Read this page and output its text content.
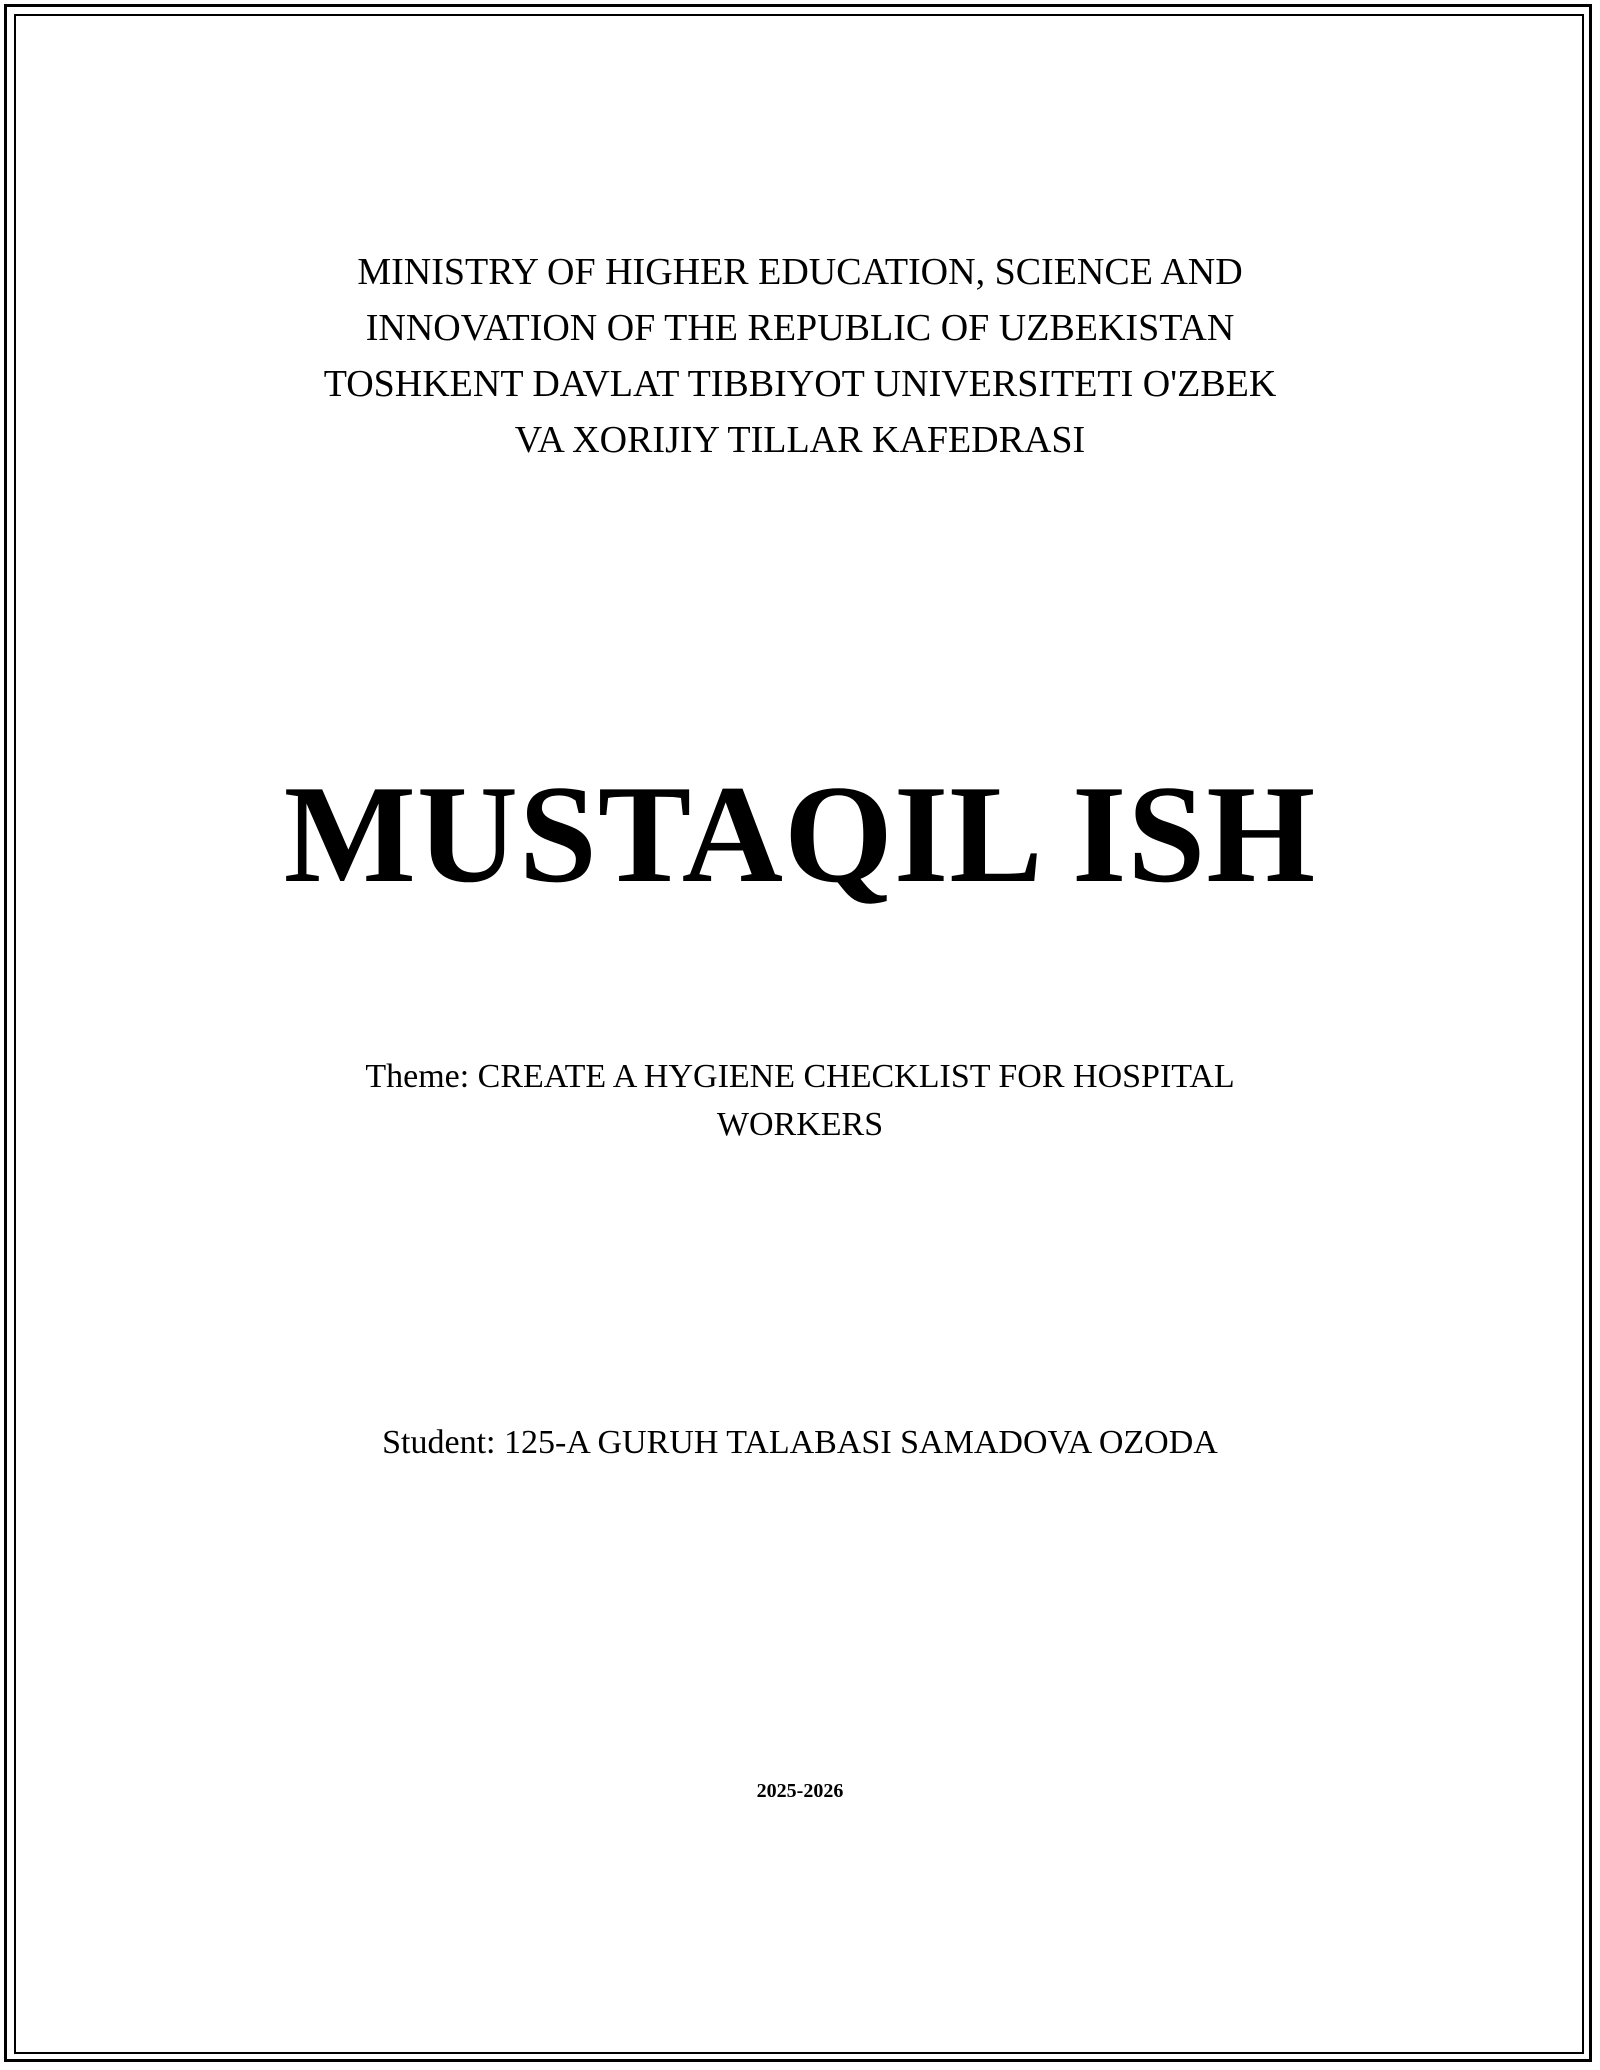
MINISTRY OF HIGHER EDUCATION, SCIENCE AND
INNOVATION OF THE REPUBLIC OF UZBEKISTAN
TOSHKENT DAVLAT TIBBIYOT UNIVERSITETI O'ZBEK
VA XORIJIY TILLAR KAFEDRASI
MUSTAQIL ISH
Theme: CREATE A HYGIENE CHECKLIST FOR HOSPITAL
WORKERS
Student: 125-A GURUH TALABASI SAMADOVA OZODA
2025-2026
